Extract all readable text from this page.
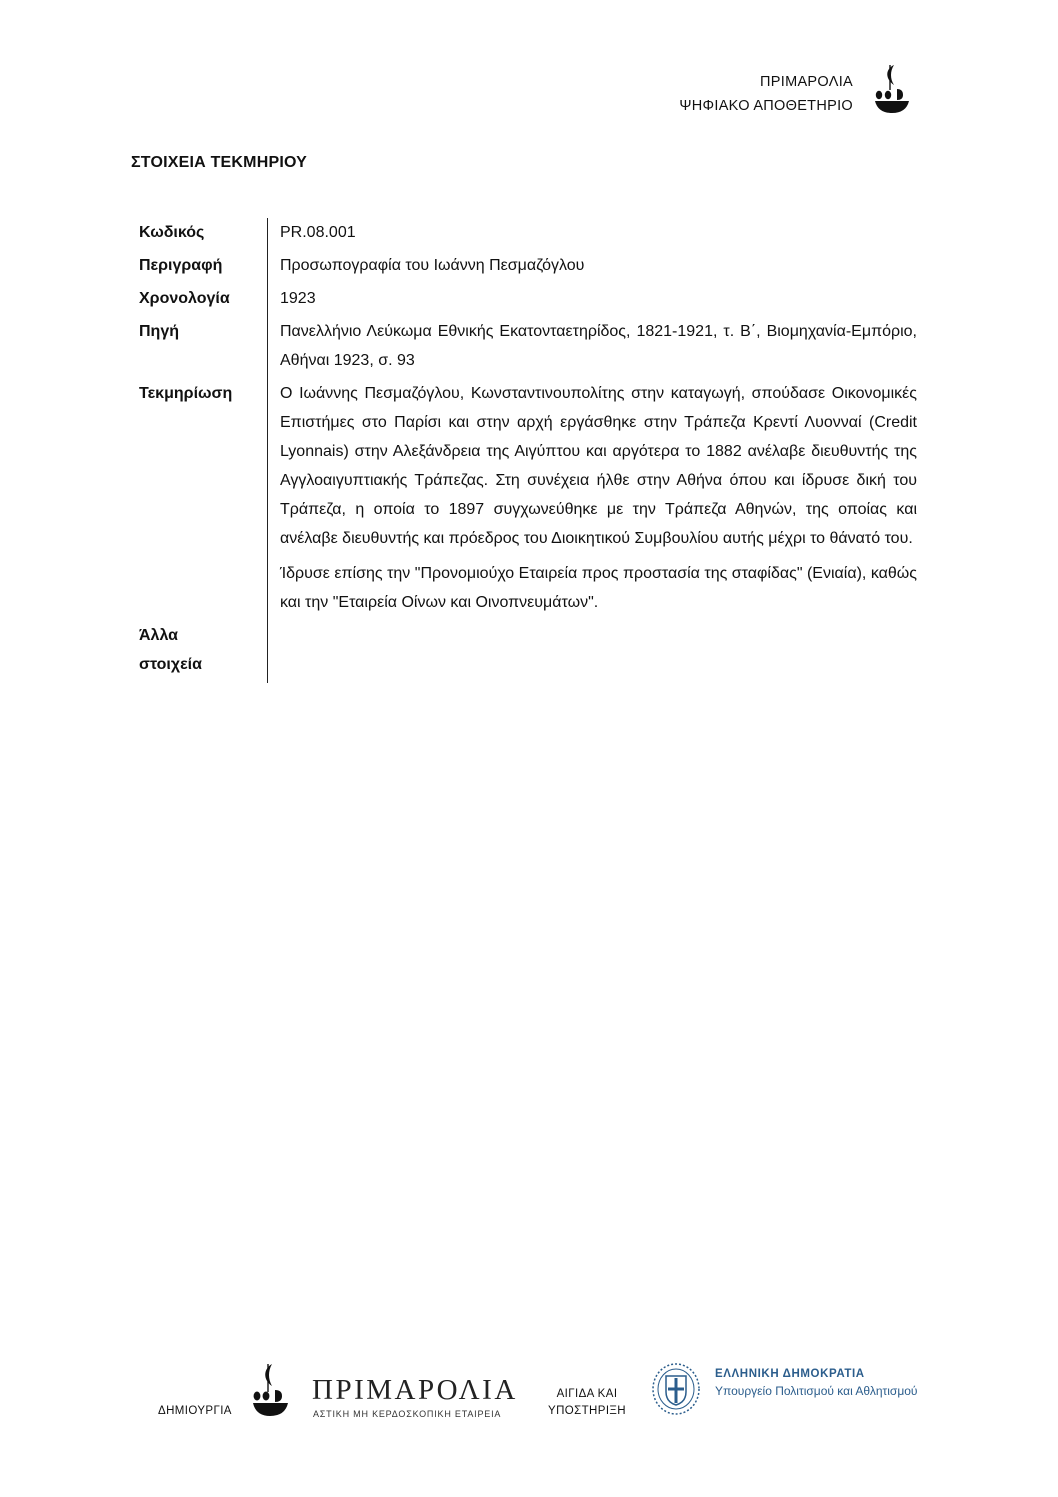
ΠΡΙΜΑΡΟΛΙΑ
ΨΗΦΙΑΚΟ ΑΠΟΘΕΤΗΡΙΟ
ΣΤΟΙΧΕΙΑ ΤΕΚΜΗΡΙΟΥ
Κωδικός	PR.08.001
Περιγραφή	Προσωπογραφία του Ιωάννη Πεσμαζόγλου
Χρονολογία	1923
Πηγή	Πανελλήνιο Λεύκωμα Εθνικής Εκατονταετηρίδος, 1821-1921, τ. Β΄, Βιομηχανία-Εμπόριο, Αθήναι 1923, σ. 93

Τεκμηρίωση	Ο Ιωάννης Πεσμαζόγλου, Κωνσταντινουπολίτης στην καταγωγή, σπούδασε Οικονομικές Επιστήμες στο Παρίσι και στην αρχή εργάσθηκε στην Τράπεζα Κρεντί Λυονναί (Credit Lyonnais) στην Αλεξάνδρεια της Αιγύπτου και αργότερα το 1882 ανέλαβε διευθυντής της Αγγλοαιγυπτιακής Τράπεζας. Στη συνέχεια ήλθε στην Αθήνα όπου και ίδρυσε δική του Τράπεζα, η οποία το 1897 συγχωνεύθηκε με την Τράπεζα Αθηνών, της οποίας και ανέλαβε διευθυντής και πρόεδρος του Διοικητικού Συμβουλίου αυτής μέχρι το θάνατό του.

Ίδρυσε επίσης την "Προνομιούχο Εταιρεία προς προστασία της σταφίδας" (Ενιαία), καθώς και την "Εταιρεία Οίνων και Οινοπνευμάτων".

Άλλα
στοιχεία	

ΔΗΜΙΟΥΡΓΙΑ
ΠΡΙΜΑΡΟΛΙΑ
ΑΣΤΙΚΗ ΜΗ ΚΕΡΔΟΣΚΟΠΙΚΗ ΕΤΑΙΡΕΙΑ
ΑΙΓΙΔΑ ΚΑΙ
ΥΠΟΣΤΗΡΙΞΗ
ΕΛΛΗΝΙΚΗ ΔΗΜΟΚΡΑΤΙΑ
Υπουργείο Πολιτισμού και Αθλητισμού
